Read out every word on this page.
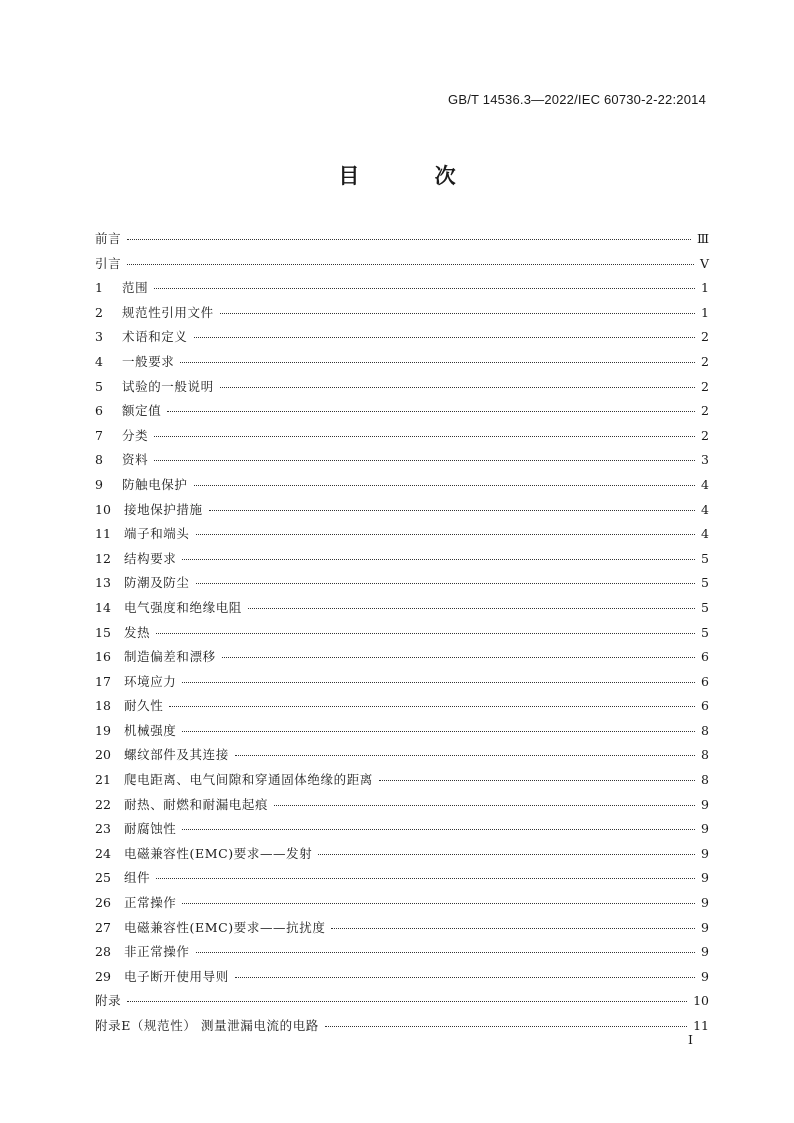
GB/T 14536.3—2022/IEC 60730-2-22:2014
目 次
前言	Ⅲ
引言	Ⅴ
1	范围	1
2	规范性引用文件	1
3	术语和定义	2
4	一般要求	2
5	试验的一般说明	2
6	额定值	2
7	分类	2
8	资料	3
9	防触电保护	4
10	接地保护措施	4
11	端子和端头	4
12	结构要求	5
13	防潮及防尘	5
14	电气强度和绝缘电阻	5
15	发热	5
16	制造偏差和漂移	6
17	环境应力	6
18	耐久性	6
19	机械强度	8
20	螺纹部件及其连接	8
21	爬电距离、电气间隙和穿通固体绝缘的距离	8
22	耐热、耐燃和耐漏电起痕	9
23	耐腐蚀性	9
24	电磁兼容性(EMC)要求——发射	9
25	组件	9
26	正常操作	9
27	电磁兼容性(EMC)要求——抗扰度	9
28	非正常操作	9
29	电子断开使用导则	9
附录	10
附录E（规范性） 测量泄漏电流的电路	11
I
